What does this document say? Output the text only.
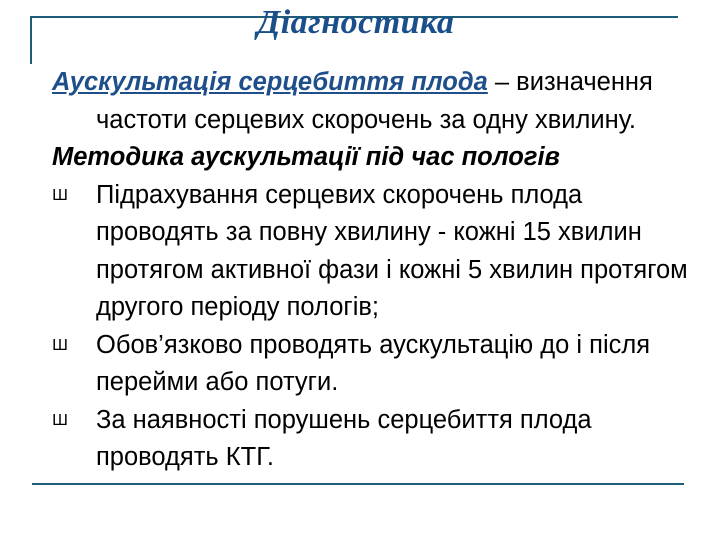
Діагностика
Аускультація серцебиття плода – визначення частоти серцевих скорочень за одну хвилину.
Методика аускультації під час пологів
Ш Підрахування серцевих скорочень плода проводять за повну хвилину - кожні 15 хвилин протягом активної фази і кожні 5 хвилин протягом другого періоду пологів;
Ш Обов’язково проводять аускультацію до і після перейми або потуги.
Ш За наявності порушень серцебиття плода проводять КТГ.
